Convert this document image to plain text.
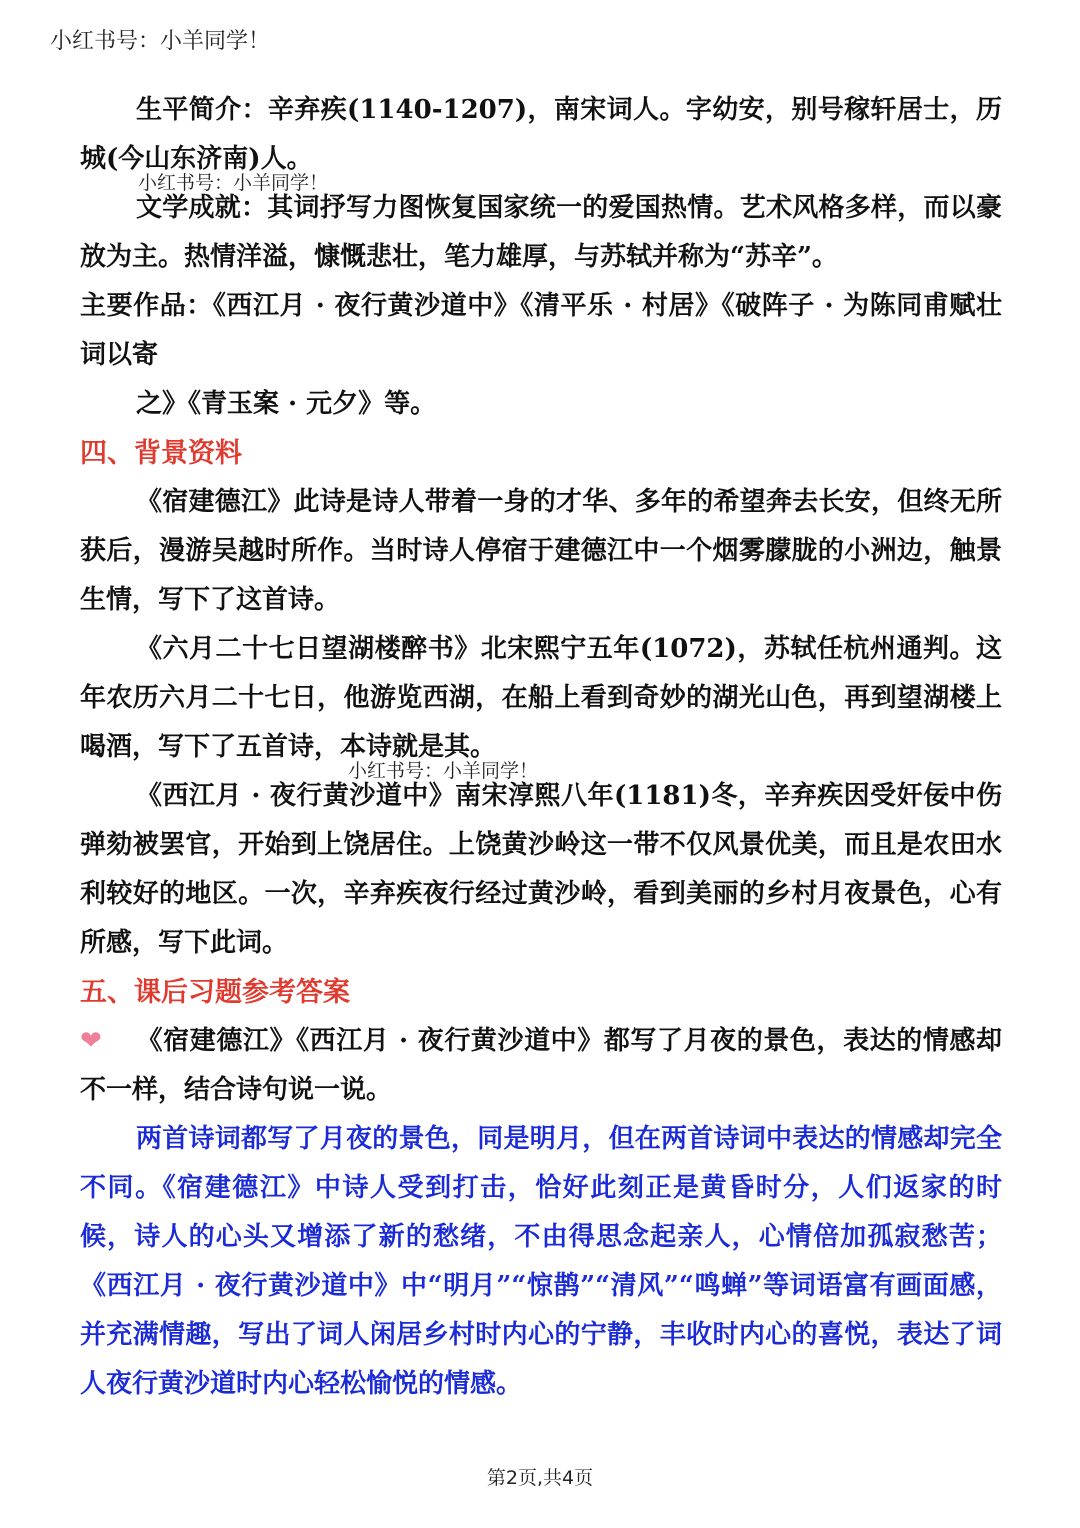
小红书号：小羊同学！
小红书号：小羊同学！
小红书号：小羊同学！

生平简介：辛弃疾(1140-1207)，南宋词人。字幼安，别号稼轩居士，历城(今山东济南)人。

文学成就：其词抒写力图恢复国家统一的爱国热情。艺术风格多样，而以豪放为主。热情洋溢，慷慨悲壮，笔力雄厚，与苏轼并称为“苏辛”。

主要作品：《西江月 · 夜行黄沙道中》《清平乐 · 村居》《破阵子 · 为陈同甫赋壮词以寄

之》《青玉案 · 元夕》等。

四、背景资料

《宿建德江》此诗是诗人带着一身的才华、多年的希望奔去长安，但终无所获后，漫游吴越时所作。当时诗人停宿于建德江中一个烟雾朦胧的小洲边，触景生情，写下了这首诗。

《六月二十七日望湖楼醉书》北宋熙宁五年(1072)，苏轼任杭州通判。这年农历六月二十七日，他游览西湖，在船上看到奇妙的湖光山色，再到望湖楼上喝酒，写下了五首诗，本诗就是其。

《西江月 · 夜行黄沙道中》南宋淳熙八年(1181)冬，辛弃疾因受奸佞中伤弹劾被罢官，开始到上饶居住。上饶黄沙岭这一带不仅风景优美，而且是农田水利较好的地区。一次，辛弃疾夜行经过黄沙岭，看到美丽的乡村月夜景色，心有所感，写下此词。

五、课后习题参考答案

❤ 《宿建德江》《西江月 · 夜行黄沙道中》都写了月夜的景色，表达的情感却不一样，结合诗句说一说。

两首诗词都写了月夜的景色，同是明月，但在两首诗词中表达的情感却完全不同。《宿建德江》中诗人受到打击，恰好此刻正是黄昏时分，人们返家的时候，诗人的心头又增添了新的愁绪，不由得思念起亲人，心情倍加孤寂愁苦；《西江月 · 夜行黄沙道中》中“明月”“惊鹊”“清风”“鸣蝉”等词语富有画面感，并充满情趣，写出了词人闲居乡村时内心的宁静，丰收时内心的喜悦，表达了词人夜行黄沙道时内心轻松愉悦的情感。

第2页,共4页
